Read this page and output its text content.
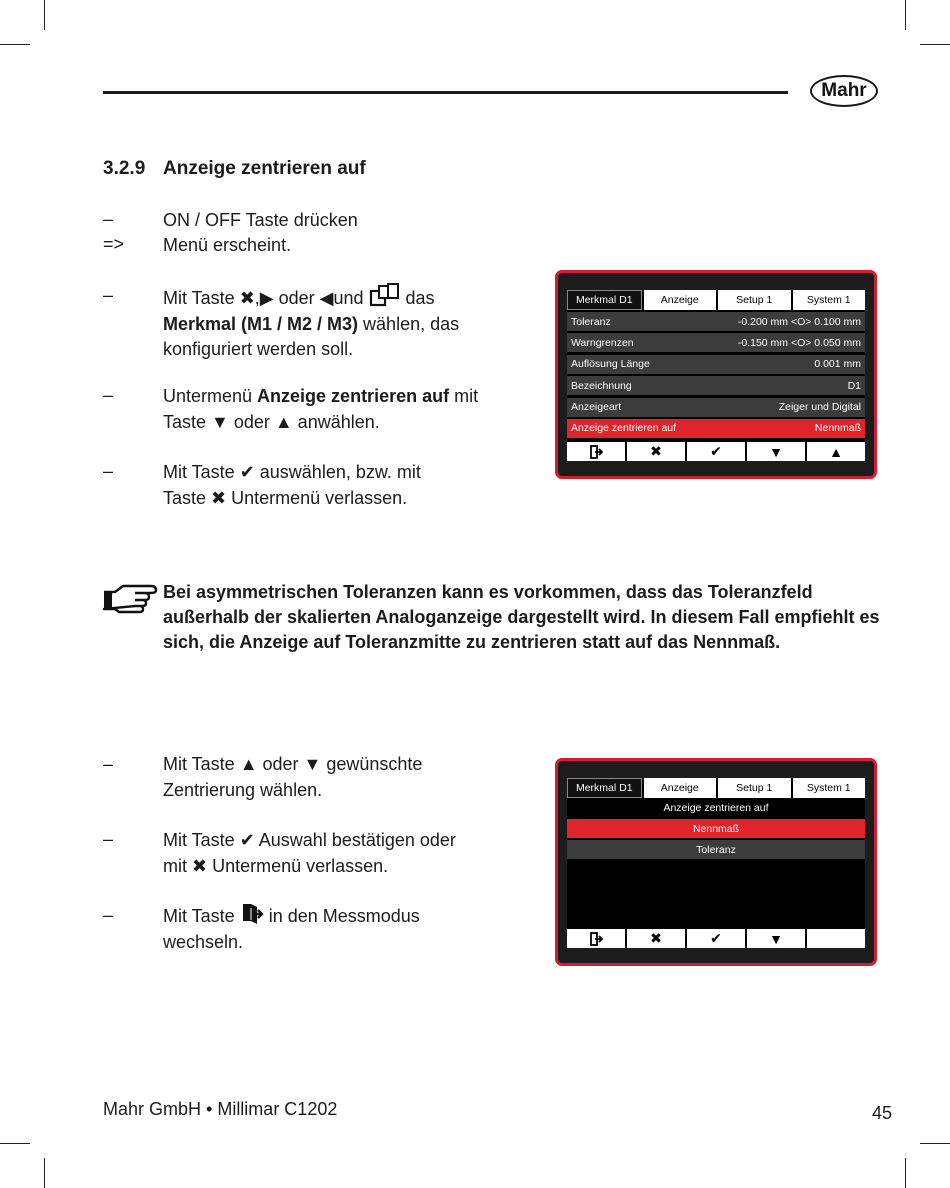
Mahr
3.2.9 Anzeige zentrieren auf
–	ON / OFF Taste drücken
=> Menü erscheint.
–	Mit Taste ✖,▶ oder ◀und  das
Merkmal (M1 / M2 / M3) wählen, das konfiguriert werden soll.
–	Untermenü Anzeige zentrieren auf mit Taste ▼ oder ▲ anwählen.
–	Mit Taste ✔ auswählen, bzw. mit Taste ✖ Untermenü verlassen.
Merkmal D1	Anzeige	Setup 1	System 1
Toleranz	-0.200 mm <O> 0.100 mm
Warngrenzen	-0.150 mm <O> 0.050 mm
Auflösung Länge	0.001 mm
Bezeichnung	D1
Anzeigeart	Zeiger und Digital
Anzeige zentrieren auf	Nennmaß
✖	✔	▼	▲
Bei asymmetrischen Toleranzen kann es vorkommen, dass das Toleranzfeld außerhalb der skalierten Analoganzeige dargestellt wird. In diesem Fall empfiehlt es sich, die Anzeige auf Toleranzmitte zu zentrieren statt auf das Nennmaß.
–	Mit Taste ▲ oder ▼ gewünschte Zentrierung wählen.
–	Mit Taste ✔ Auswahl bestätigen oder mit ✖ Untermenü verlassen.
–	Mit Taste  in den Messmodus wechseln.
Merkmal D1	Anzeige	Setup 1	System 1
Anzeige zentrieren auf
Nennmaß
Toleranz
✖	✔	▼
Mahr GmbH • Millimar C1202	45
